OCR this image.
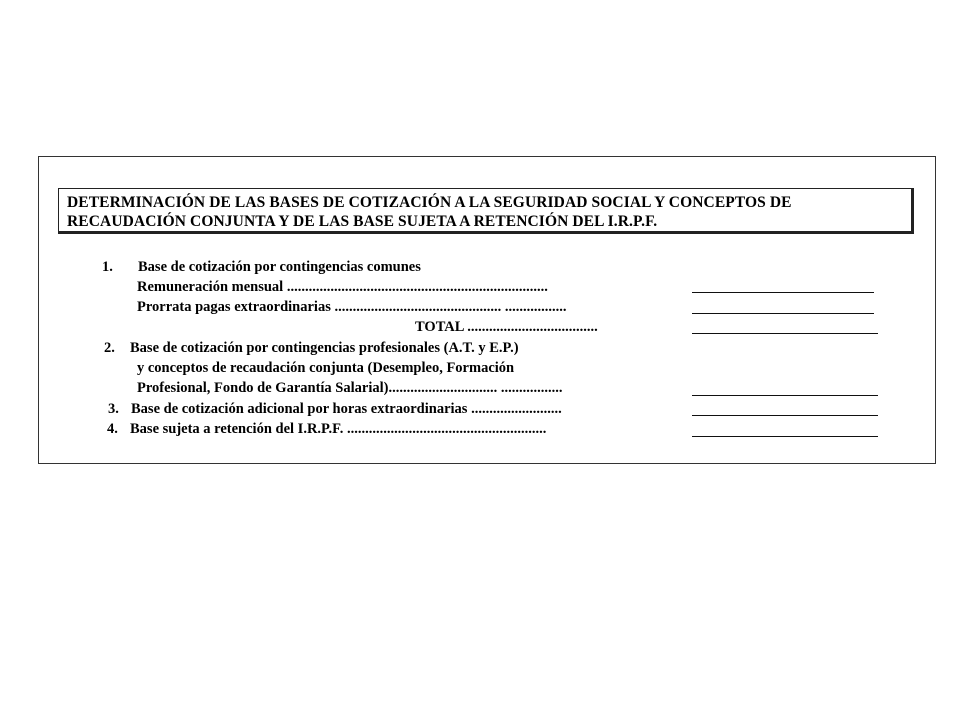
DETERMINACIÓN DE LAS BASES DE COTIZACIÓN A LA SEGURIDAD SOCIAL Y CONCEPTOS DE
RECAUDACIÓN CONJUNTA Y DE LAS BASE SUJETA A RETENCIÓN DEL I.R.P.F.
1. Base de cotización por contingencias comunes
Remuneración mensual ........................................................................
Prorrata pagas extraordinarias .............................................. .................
TOTAL ....................................
2. Base de cotización por contingencias profesionales (A.T. y E.P.)
y conceptos de recaudación conjunta (Desempleo, Formación
Profesional, Fondo de Garantía Salarial).............................. .................
3. Base de cotización adicional por horas extraordinarias .........................
4. Base sujeta a retención del I.R.P.F. .......................................................
